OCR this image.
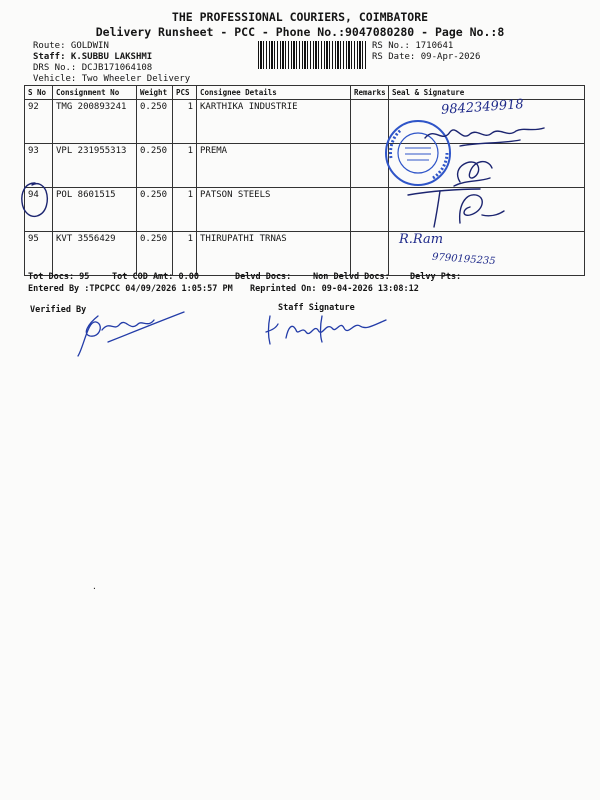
THE PROFESSIONAL COURIERS, COIMBATORE
Delivery Runsheet - PCC - Phone No.:9047080280 - Page No.:8
Route: GOLDWIN
Staff: K.SUBBU LAKSHMI
DRS No.: DCJB171064108
Vehicle: Two Wheeler Delivery
RS No.: 1710641
RS Date: 09-Apr-2026
S No	Consignment No	Weight	PCS	Consignee Details	Remarks	Seal & Signature
92	TMG 200893241	0.250	1	KARTHIKA INDUSTRIE		
93	VPL 231955313	0.250	1	PREMA		
94	POL 8601515	0.250	1	PATSON STEELS		
95	KVT 3556429	0.250	1	THIRUPATHI TRNAS		
9842349918
R.Ram
9790195235
Tot Docs: 95	Tot COD Amt: 0.00	Delvd Docs:	Non Delvd Docs: Delvy Pts:
Entered By :TPCPCC 04/09/2026 1:05:57 PM Reprinted On: 09-04-2026 13:08:12
Verified By	Staff Signature
·
